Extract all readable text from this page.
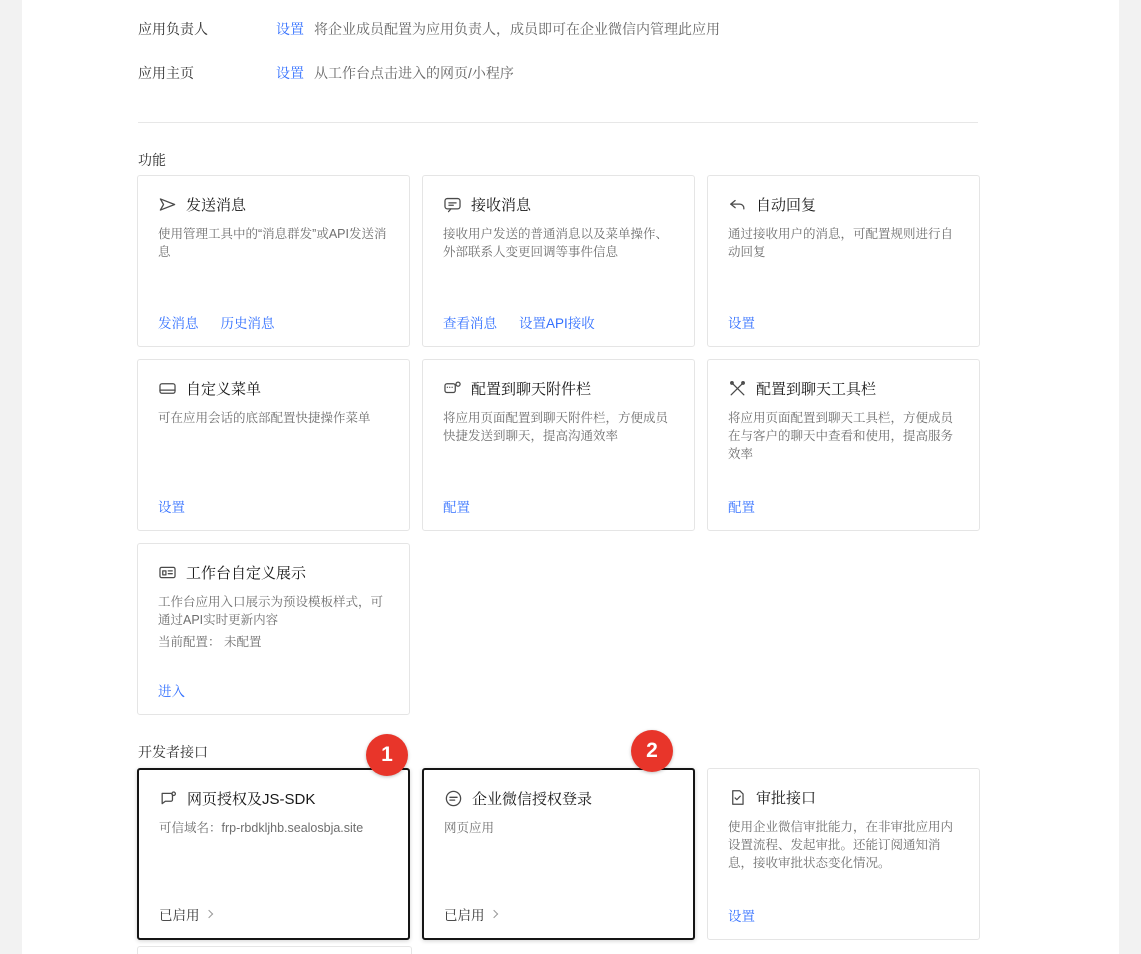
应用负责人	设置 将企业成员配置为应用负责人，成员即可在企业微信内管理此应用
应用主页	设置 从工作台点击进入的网页/小程序
功能
发送消息

使用管理工具中的“消息群发”或API发送消息

发消息 历史消息
接收消息

接收用户发送的普通消息以及菜单操作、外部联系人变更回调等事件信息

查看消息 设置API接收
自动回复

通过接收用户的消息，可配置规则进行自动回复

设置
自定义菜单

可在应用会话的底部配置快捷操作菜单

设置
配置到聊天附件栏

将应用页面配置到聊天附件栏，方便成员快捷发送到聊天，提高沟通效率

配置
配置到聊天工具栏

将应用页面配置到聊天工具栏，方便成员在与客户的聊天中查看和使用，提高服务效率

配置
工作台自定义展示

工作台应用入口展示为预设模板样式，可通过API实时更新内容

当前配置： 未配置
进入
开发者接口
网页授权及JS-SDK

可信域名：frp-rbdkljhb.sealosbja.site

已启用
企业微信授权登录

网页应用

已启用
审批接口

使用企业微信审批能力，在非审批应用内设置流程、发起审批。还能订阅通知消息，接收审批状态变化情况。

设置
1	2
